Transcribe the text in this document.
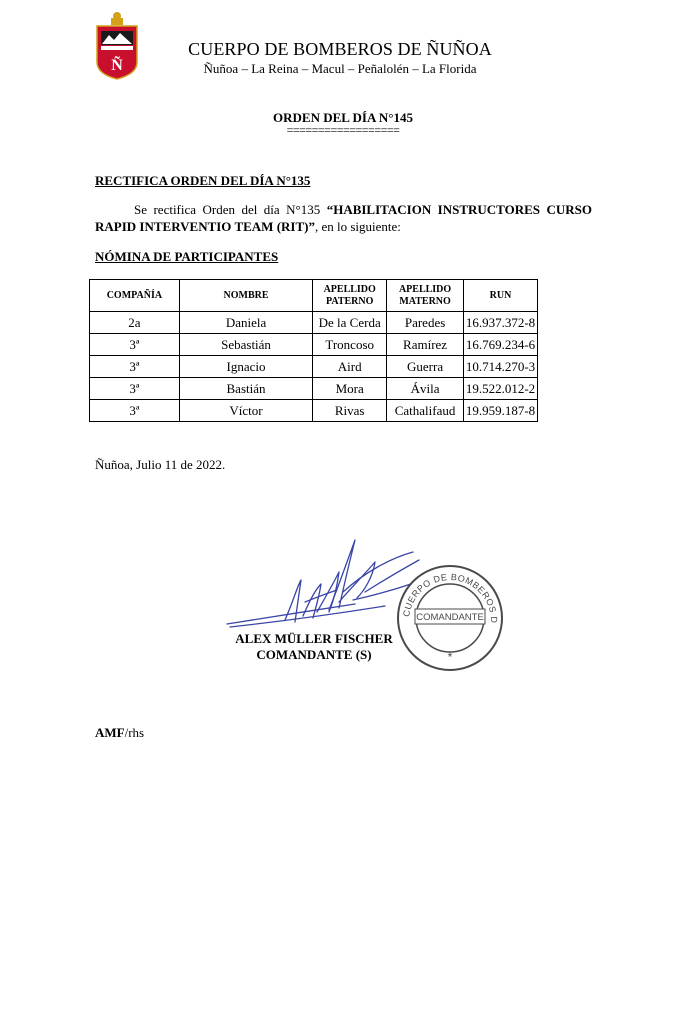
Ñ
CUERPO DE BOMBEROS DE ÑUÑOA
Ñuñoa – La Reina – Macul – Peñalolén – La Florida
ORDEN DEL DÍA N°145
==================
RECTIFICA ORDEN DEL DÍA N°135
Se rectifica Orden del día N°135 “HABILITACION INSTRUCTORES CURSO RAPID INTERVENTIO TEAM (RIT)”, en lo siguiente:
NÓMINA DE PARTICIPANTES
COMPAÑÍA	NOMBRE	APELLIDO PATERNO	APELLIDO MATERNO	RUN
2a	Daniela	De la Cerda	Paredes	16.937.372-8
3ª	Sebastián	Troncoso	Ramírez	16.769.234-6
3ª	Ignacio	Aird	Guerra	10.714.270-3
3ª	Bastián	Mora	Ávila	19.522.012-2
3ª	Víctor	Rivas	Cathalifaud	19.959.187-8
Ñuñoa, Julio 11 de 2022.
CUERPO DE BOMBEROS D
COMANDANTE
*
ALEX MÜLLER FISCHER
COMANDANTE (S)
AMF/rhs
